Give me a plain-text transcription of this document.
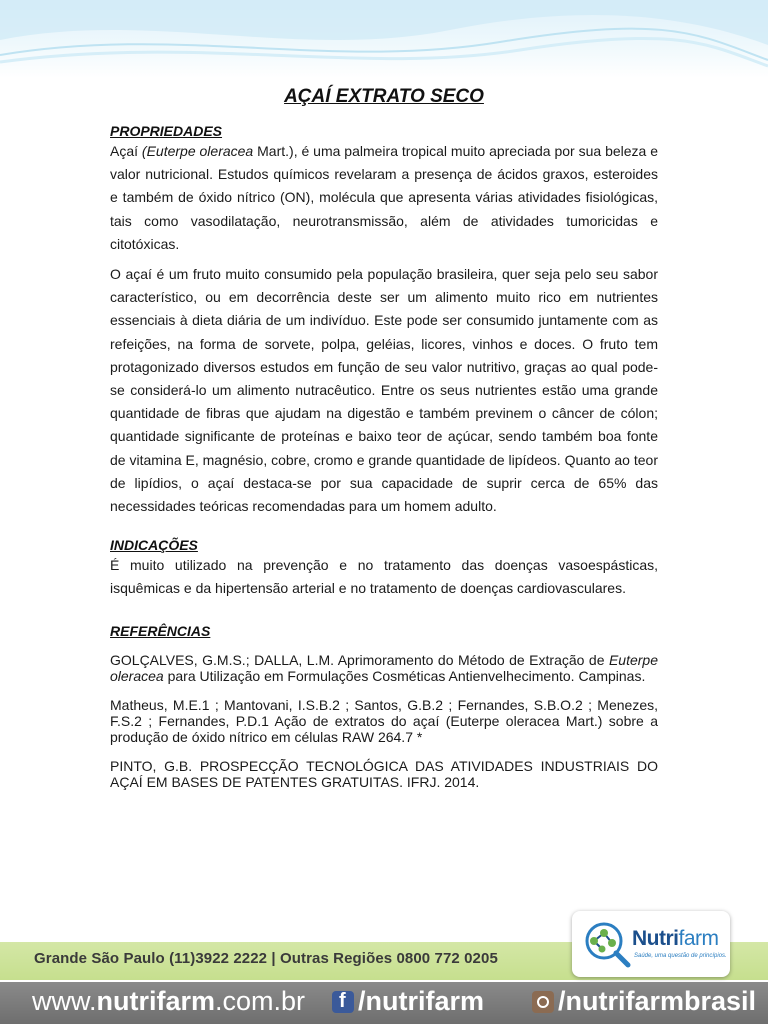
AÇAÍ EXTRATO SECO
PROPRIEDADES

Açaí (Euterpe oleracea Mart.), é uma palmeira tropical muito apreciada por sua beleza e valor nutricional. Estudos químicos revelaram a presença de ácidos graxos, esteroides e também de óxido nítrico (ON), molécula que apresenta várias atividades fisiológicas, tais como vasodilatação, neurotransmissão, além de atividades tumoricidas e citotóxicas.

O açaí é um fruto muito consumido pela população brasileira, quer seja pelo seu sabor característico, ou em decorrência deste ser um alimento muito rico em nutrientes essenciais à dieta diária de um indivíduo. Este pode ser consumido juntamente com as refeições, na forma de sorvete, polpa, geléias, licores, vinhos e doces. O fruto tem protagonizado diversos estudos em função de seu valor nutritivo, graças ao qual pode-se considerá-lo um alimento nutracêutico. Entre os seus nutrientes estão uma grande quantidade de fibras que ajudam na digestão e também previnem o câncer de cólon; quantidade significante de proteínas e baixo teor de açúcar, sendo também boa fonte de vitamina E, magnésio, cobre, cromo e grande quantidade de lipídeos. Quanto ao teor de lipídios, o açaí destaca-se por sua capacidade de suprir cerca de 65% das necessidades teóricas recomendadas para um homem adulto.

INDICAÇÕES

É muito utilizado na prevenção e no tratamento das doenças vasoespásticas, isquêmicas e da hipertensão arterial e no tratamento de doenças cardiovasculares.

REFERÊNCIAS

GOLÇALVES, G.M.S.; DALLA, L.M. Aprimoramento do Método de Extração de Euterpe oleracea para Utilização em Formulações Cosméticas Antienvelhecimento. Campinas.

Matheus, M.E.1 ; Mantovani, I.S.B.2 ; Santos, G.B.2 ; Fernandes, S.B.O.2 ; Menezes, F.S.2 ; Fernandes, P.D.1 Ação de extratos do açaí (Euterpe oleracea Mart.) sobre a produção de óxido nítrico em células RAW 264.7 *

PINTO, G.B. PROSPECÇÃO TECNOLÓGICA DAS ATIVIDADES INDUSTRIAIS DO AÇAÍ EM BASES DE PATENTES GRATUITAS. IFRJ. 2014.

Grande São Paulo (11)3922 2222 | Outras Regiões 0800 772 0205
Nutrifarm
Saúde, uma questão de princípios.
www.nutrifarm.com.br f /nutrifarm	/nutrifarmbrasil
